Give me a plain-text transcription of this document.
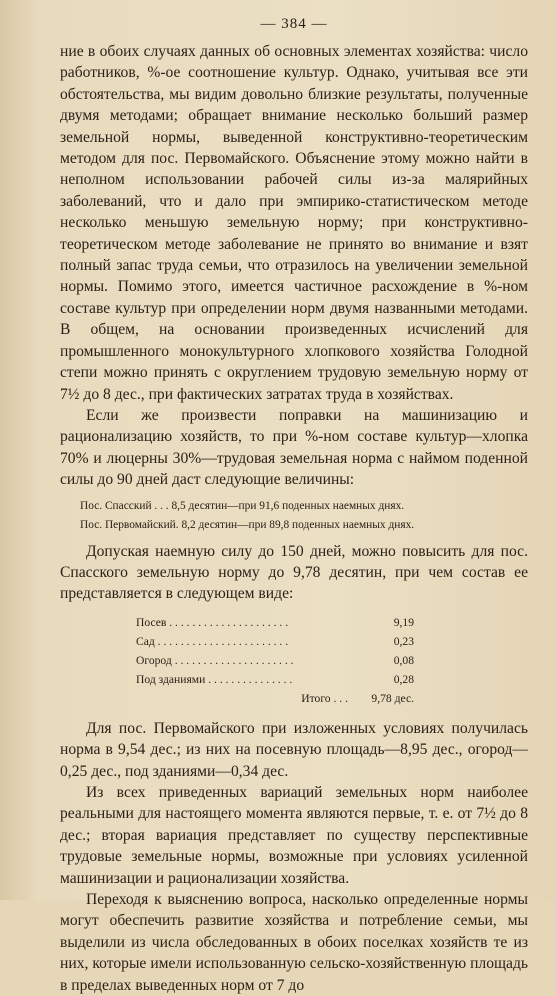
— 384 —

ние в обоих случаях данных об основных элементах хозяйства: число работников, %-ое соотношение культур. Однако, учитывая все эти обстоятельства, мы видим довольно близкие результаты, полученные двумя методами; обращает внимание несколько больший размер земельной нормы, выведенной конструктивно-теоретическим методом для пос. Первомайского. Объяснение этому можно найти в неполном использовании рабочей силы из-за малярийных заболеваний, что и дало при эмпирико-статистическом методе несколько меньшую земельную норму; при конструктивно-теоретическом методе заболевание не принято во внимание и взят полный запас труда семьи, что отразилось на увеличении земельной нормы. Помимо этого, имеется частичное расхождение в %-ном составе культур при определении норм двумя названными методами. В общем, на основании произведенных исчислений для промышленного монокультурного хлопкового хозяйства Голодной степи можно принять с округлением трудовую земельную норму от 7½ до 8 дес., при фактических затратах труда в хозяйствах.

Если же произвести поправки на машинизацию и рационализацию хозяйств, то при %-ном составе культур—хлопка 70% и люцерны 30%—трудовая земельная норма с наймом поденной силы до 90 дней даст следующие величины:

Пос. Спасский . . . 8,5 десятин—при 91,6 поденных наемных днях.
Пос. Первомайский. 8,2 десятин—при 89,8 поденных наемных днях.

Допуская наемную силу до 150 дней, можно повысить для пос. Спасского земельную норму до 9,78 десятин, при чем состав ее представляется в следующем виде:

Посев . . . . . . . . . . . . . . . . . . . . .	9,19
Сад . . . . . . . . . . . . . . . . . . . . . . .	0,23
Огород . . . . . . . . . . . . . . . . . . . . .	0,08
Под зданиями . . . . . . . . . . . . . . .	0,28
Итого . . .	9,78 дес.

Для пос. Первомайского при изложенных условиях получилась норма в 9,54 дес.; из них на посевную площадь—8,95 дес., огород—0,25 дес., под зданиями—0,34 дес.

Из всех приведенных вариаций земельных норм наиболее реальными для настоящего момента являются первые, т. е. от 7½ до 8 дес.; вторая вариация представляет по существу перспективные трудовые земельные нормы, возможные при условиях усиленной машинизации и рационализации хозяйства.

Переходя к выяснению вопроса, насколько определенные нормы могут обеспечить развитие хозяйства и потребление семьи, мы выделили из числа обследованных в обоих поселках хозяйств те из них, которые имели использованную сельско-хозяйственную площадь в пределах выведенных норм от 7 до
